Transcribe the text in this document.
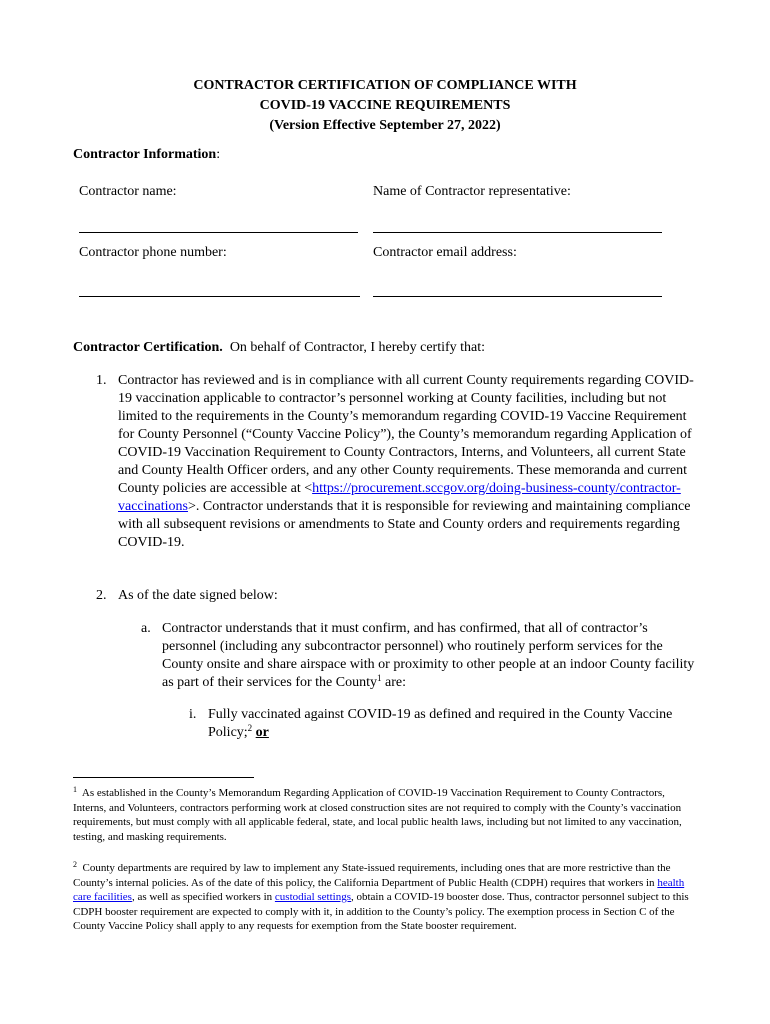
CONTRACTOR CERTIFICATION OF COMPLIANCE WITH
COVID-19 VACCINE REQUIREMENTS
(Version Effective September 27, 2022)
Contractor Information:
Contractor name:	Name of Contractor representative:
Contractor phone number:	Contractor email address:
Contractor Certification. On behalf of Contractor, I hereby certify that:
1. Contractor has reviewed and is in compliance with all current County requirements regarding COVID-19 vaccination applicable to contractor’s personnel working at County facilities, including but not limited to the requirements in the County’s memorandum regarding COVID-19 Vaccine Requirement for County Personnel (“County Vaccine Policy”), the County’s memorandum regarding Application of COVID-19 Vaccination Requirement to County Contractors, Interns, and Volunteers, all current State and County Health Officer orders, and any other County requirements. These memoranda and current County policies are accessible at <https://procurement.sccgov.org/doing-business-county/contractor-vaccinations>. Contractor understands that it is responsible for reviewing and maintaining compliance with all subsequent revisions or amendments to State and County orders and requirements regarding COVID-19.
2. As of the date signed below:
a. Contractor understands that it must confirm, and has confirmed, that all of contractor’s personnel (including any subcontractor personnel) who routinely perform services for the County onsite and share airspace with or proximity to other people at an indoor County facility as part of their services for the County$^1$ are:
i. Fully vaccinated against COVID-19 as defined and required in the County Vaccine Policy;$^2$ or
$^1$ As established in the County’s Memorandum Regarding Application of COVID-19 Vaccination Requirement to County Contractors, Interns, and Volunteers, contractors performing work at closed construction sites are not required to comply with the County’s vaccination requirements, but must comply with all applicable federal, state, and local public health laws, including but not limited to any vaccination, testing, and masking requirements.
$^2$ County departments are required by law to implement any State-issued requirements, including ones that are more restrictive than the County’s internal policies. As of the date of this policy, the California Department of Public Health (CDPH) requires that workers in health care facilities, as well as specified workers in custodial settings, obtain a COVID-19 booster dose. Thus, contractor personnel subject to this CDPH booster requirement are expected to comply with it, in addition to the County’s policy. The exemption process in Section C of the County Vaccine Policy shall apply to any requests for exemption from the State booster requirement.
